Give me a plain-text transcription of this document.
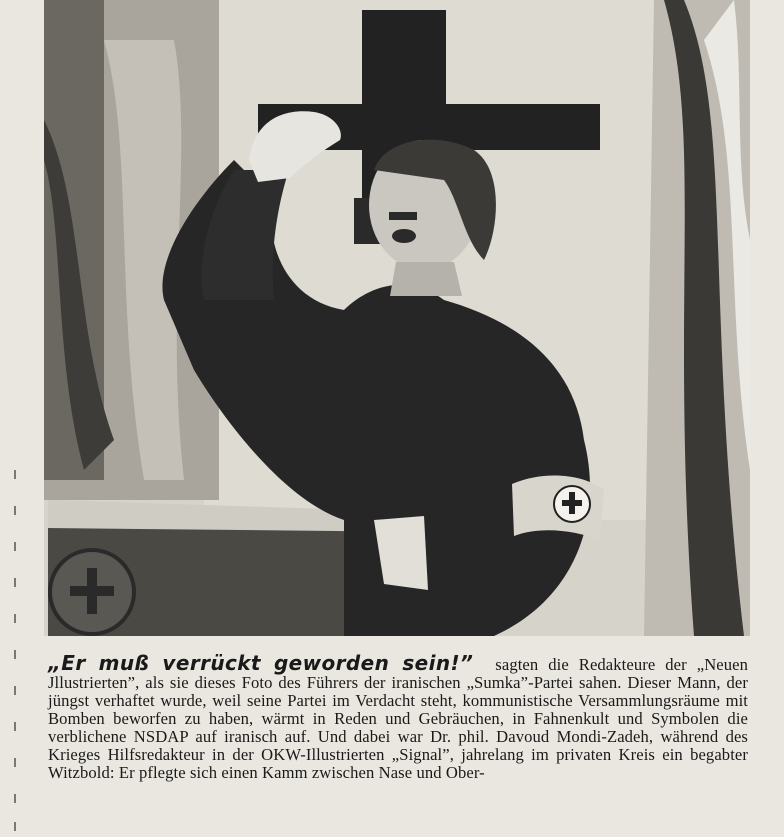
„Er muß verrückt geworden sein!” sagten die Redakteure der „Neuen Jllustrierten”, als sie dieses Foto des Führers der iranischen „Sumka”-Partei sahen. Dieser Mann, der jüngst verhaftet wurde, weil seine Partei im Verdacht steht, kommunistische Versammlungsräume mit Bomben beworfen zu haben, wärmt in Reden und Gebräuchen, in Fahnenkult und Symbolen die verblichene NSDAP auf iranisch auf. Und dabei war Dr. phil. Davoud Mondi-Zadeh, während des Krieges Hilfsredakteur in der OKW-Illustrierten „Signal”, jahrelang im privaten Kreis ein begabter Witzbold: Er pflegte sich einen Kamm zwischen Nase und Ober-
